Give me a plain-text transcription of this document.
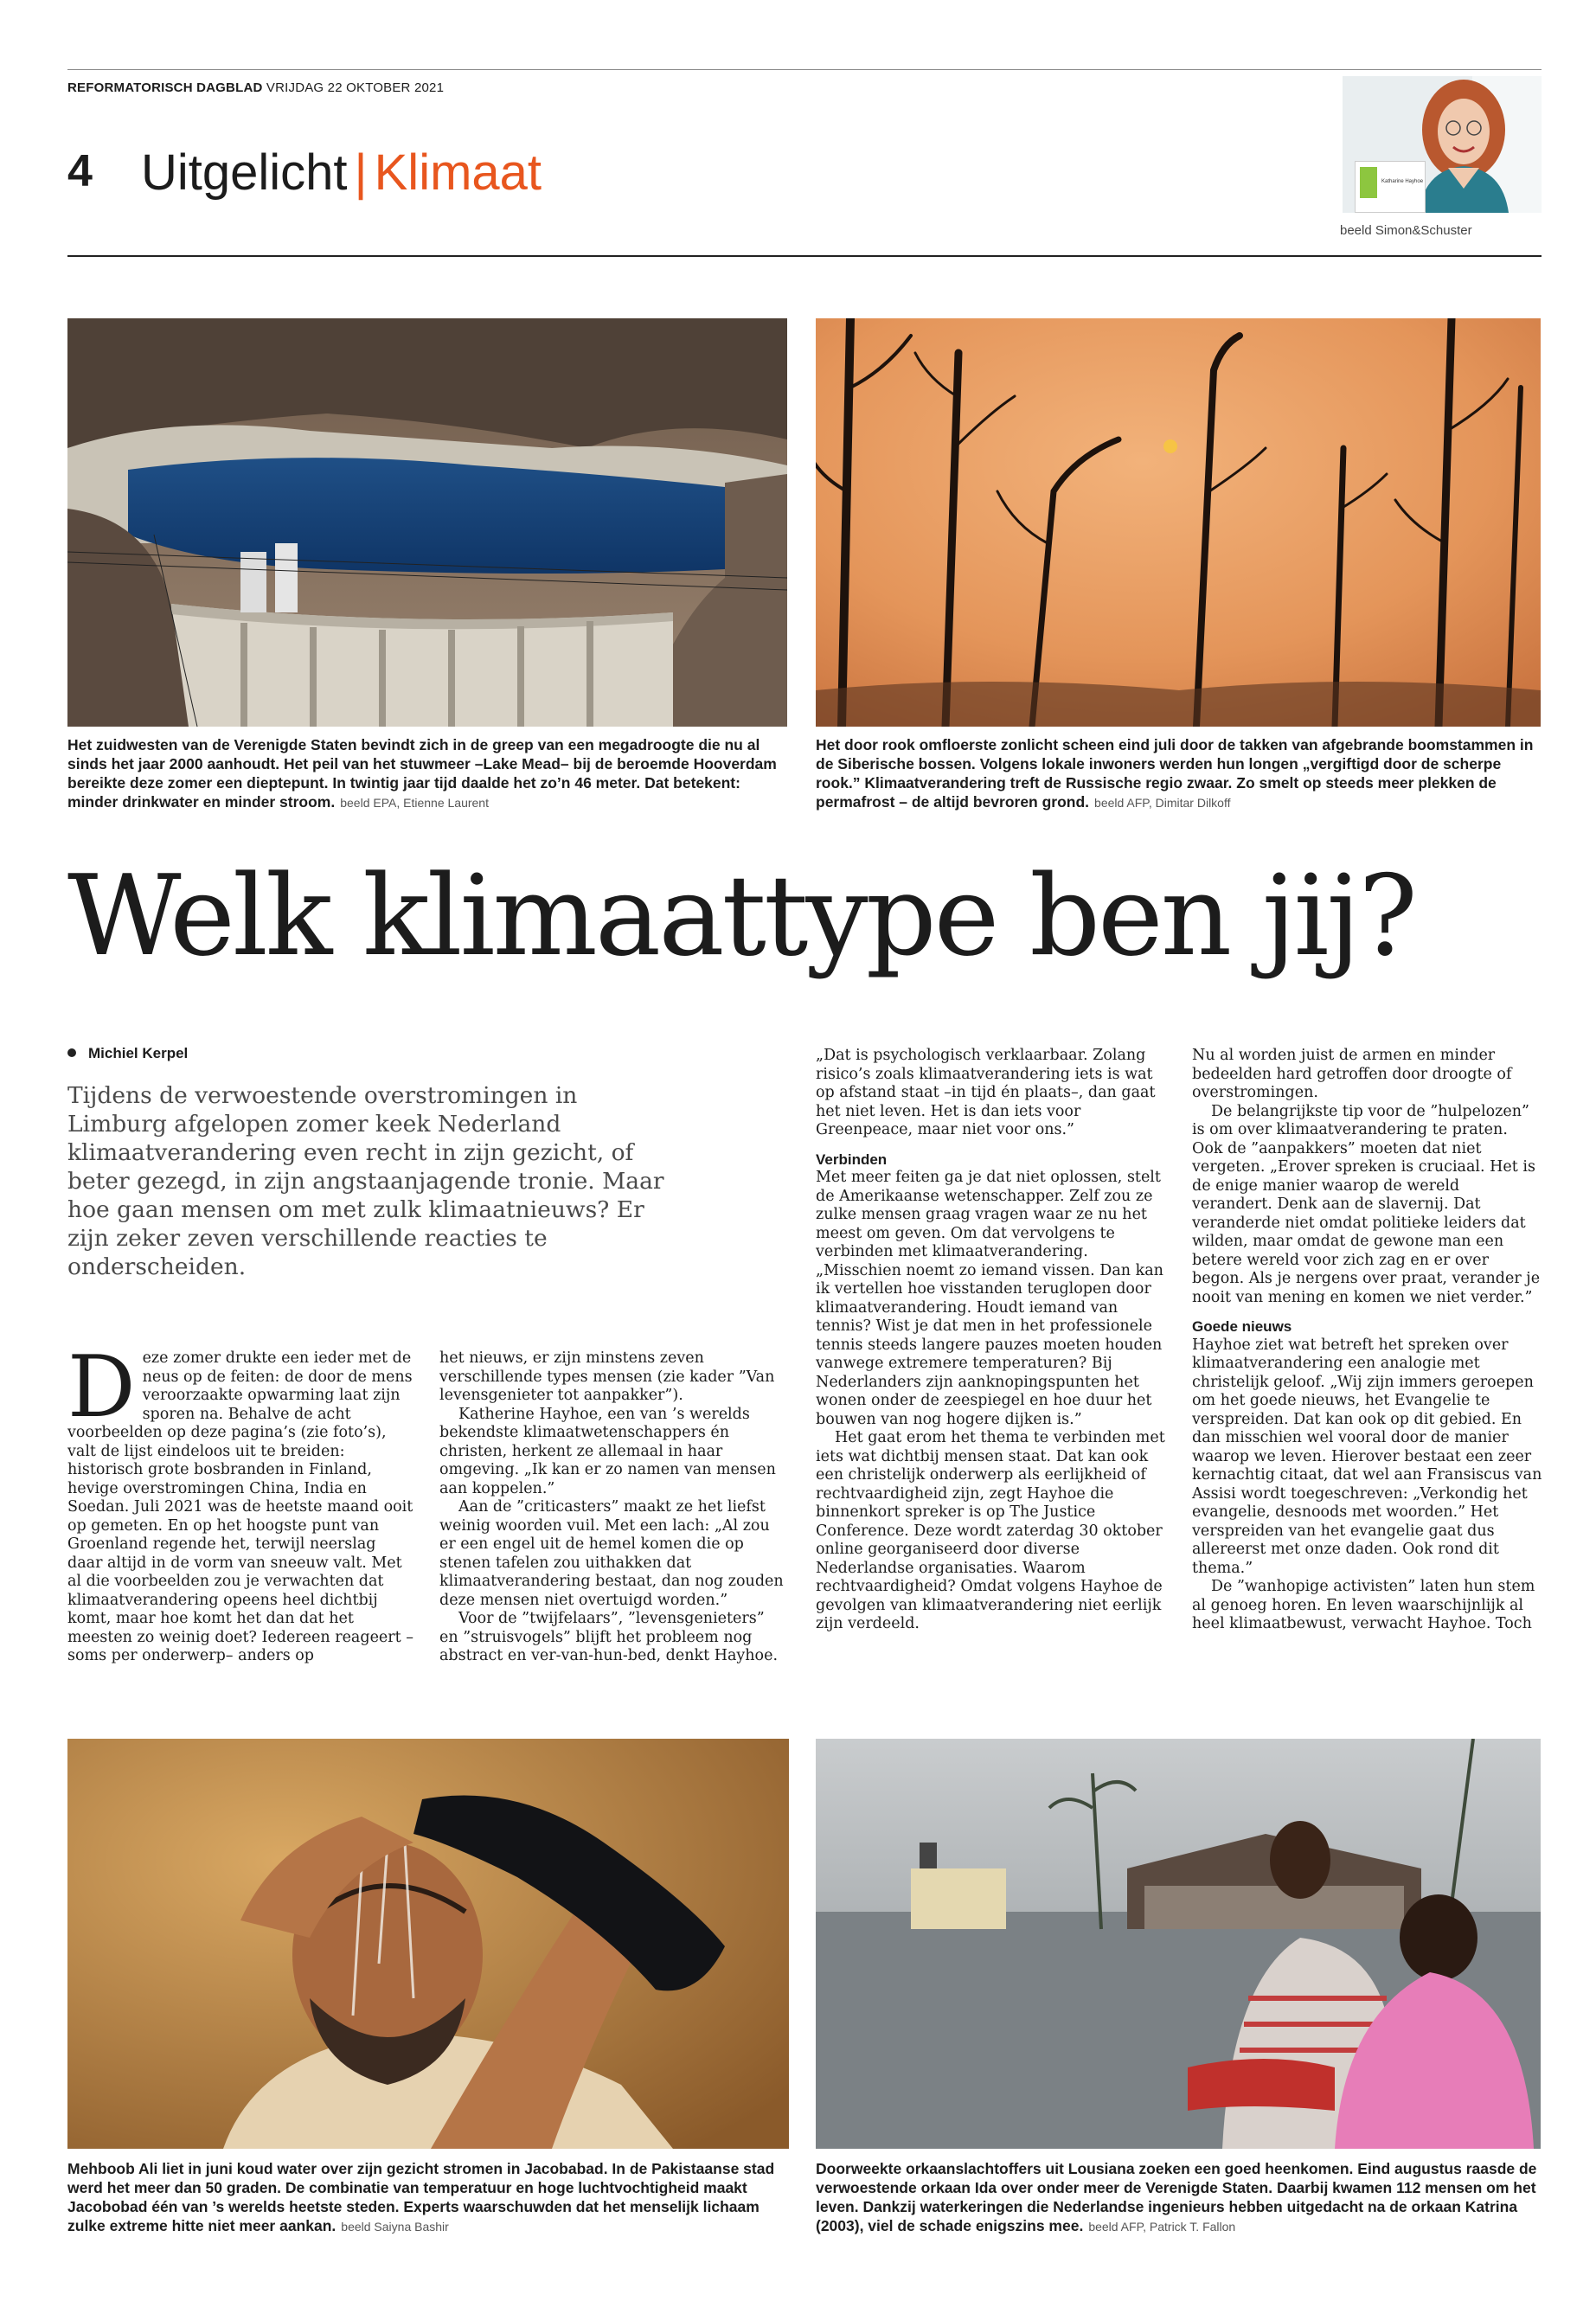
REFORMATORISCH DAGBLAD VRIJDAG 22 OKTOBER 2021
4 Uitgelicht | Klimaat	Katharine Hayhoe
beeld Simon&Schuster
Het zuidwesten van de Verenigde Staten bevindt zich in de greep van een megadroogte die nu al sinds het jaar 2000 aanhoudt. Het peil van het stuwmeer –Lake Mead– bij de beroemde Hooverdam bereikte deze zomer een dieptepunt. In twintig jaar tijd daalde het zo’n 46 meter. Dat betekent: minder drinkwater en minder stroom. beeld EPA, Etienne Laurent
Het door rook omfloerste zonlicht scheen eind juli door de takken van afgebrande boomstammen in de Siberische bossen. Volgens lokale inwoners werden hun longen „vergiftigd door de scherpe rook.” Klimaatverandering treft de Russische regio zwaar. Zo smelt op steeds meer plekken de permafrost – de altijd bevroren grond. beeld AFP, Dimitar Dilkoff
Welk klimaattype ben jij?
Michiel Kerpel
Tijdens de verwoestende overstromingen in Limburg afgelopen zomer keek Nederland klimaatverandering even recht in zijn gezicht, of beter gezegd, in zijn angstaanjagende tronie. Maar hoe gaan mensen om met zulk klimaatnieuws? Er zijn zeker zeven verschillende reacties te onderscheiden.

Deze zomer drukte een ieder met de neus op de feiten: de door de mens veroorzaakte opwarming laat zijn sporen na. Behalve de acht voorbeelden op deze pagina’s (zie foto’s), valt de lijst eindeloos uit te breiden: historisch grote bosbranden in Finland, hevige overstromingen China, India en Soedan. Juli 2021 was de heetste maand ooit op gemeten. En op het hoogste punt van Groenland regende het, terwijl neerslag daar altijd in de vorm van sneeuw valt. Met al die voorbeelden zou je verwachten dat klimaatverandering opeens heel dichtbij komt, maar hoe komt het dan dat het meesten zo weinig doet? Iedereen reageert –soms per onderwerp– anders op

het nieuws, er zijn minstens zeven verschillende types mensen (zie kader ”Van levensgenieter tot aanpakker”).

Katherine Hayhoe, een van ’s werelds bekendste klimaatwetenschappers én christen, herkent ze allemaal in haar omgeving. „Ik kan er zo namen van mensen aan koppelen.”

Aan de ”criticasters” maakt ze het liefst weinig woorden vuil. Met een lach: „Al zou er een engel uit de hemel komen die op stenen tafelen zou uithakken dat klimaatverandering bestaat, dan nog zouden deze mensen niet overtuigd worden.”

Voor de ”twijfelaars”, ”levensgenieters” en ”struisvogels” blijft het probleem nog abstract en ver-van-hun-bed, denkt Hayhoe.

„Dat is psychologisch verklaarbaar. Zolang risico’s zoals klimaatverandering iets is wat op afstand staat –in tijd én plaats–, dan gaat het niet leven. Het is dan iets voor Greenpeace, maar niet voor ons.”

Verbinden

Met meer feiten ga je dat niet oplossen, stelt de Amerikaanse wetenschapper. Zelf zou ze zulke mensen graag vragen waar ze nu het meest om geven. Om dat vervolgens te verbinden met klimaatverandering. „Misschien noemt zo iemand vissen. Dan kan ik vertellen hoe visstanden teruglopen door klimaatverandering. Houdt iemand van tennis? Wist je dat men in het professionele tennis steeds langere pauzes moeten houden vanwege extremere temperaturen? Bij Nederlanders zijn aanknopingspunten het wonen onder de zeespiegel en hoe duur het bouwen van nog hogere dijken is.”

Het gaat erom het thema te verbinden met iets wat dichtbij mensen staat. Dat kan ook een christelijk onderwerp als eerlijkheid of rechtvaardigheid zijn, zegt Hayhoe die binnenkort spreker is op The Justice Conference. Deze wordt zaterdag 30 oktober online georganiseerd door diverse Nederlandse organisaties. Waarom rechtvaardigheid? Omdat volgens Hayhoe de gevolgen van klimaatverandering niet eerlijk zijn verdeeld.

Nu al worden juist de armen en minder bedeelden hard getroffen door droogte of overstromingen.

De belangrijkste tip voor de ”hulpelozen” is om over klimaatverandering te praten. Ook de ”aanpakkers” moeten dat niet vergeten. „Erover spreken is cruciaal. Het is de enige manier waarop de wereld verandert. Denk aan de slavernij. Dat veranderde niet omdat politieke leiders dat wilden, maar omdat de gewone man een betere wereld voor zich zag en er over begon. Als je nergens over praat, verander je nooit van mening en komen we niet verder.”

Goede nieuws

Hayhoe ziet wat betreft het spreken over klimaatverandering een analogie met christelijk geloof. „Wij zijn immers geroepen om het goede nieuws, het Evangelie te verspreiden. Dat kan ook op dit gebied. En dan misschien wel vooral door de manier waarop we leven. Hierover bestaat een zeer kernachtig citaat, dat wel aan Fransiscus van Assisi wordt toegeschreven: „Verkondig het evangelie, desnoods met woorden.” Het verspreiden van het evangelie gaat dus allereerst met onze daden. Ook rond dit thema.”

De ”wanhopige activisten” laten hun stem al genoeg horen. En leven waarschijnlijk al heel klimaatbewust, verwacht Hayhoe. Toch

Mehboob Ali liet in juni koud water over zijn gezicht stromen in Jacobabad. In de Pakistaanse stad werd het meer dan 50 graden. De combinatie van temperatuur en hoge luchtvochtigheid maakt Jacobobad één van ’s werelds heetste steden. Experts waarschuwden dat het menselijk lichaam zulke extreme hitte niet meer aankan. beeld Saiyna Bashir
Doorweekte orkaanslachtoffers uit Lousiana zoeken een goed heenkomen. Eind augustus raasde de verwoestende orkaan Ida over onder meer de Verenigde Staten. Daarbij kwamen 112 mensen om het leven. Dankzij waterkeringen die Nederlandse ingenieurs hebben uitgedacht na de orkaan Katrina (2003), viel de schade enigszins mee. beeld AFP, Patrick T. Fallon
